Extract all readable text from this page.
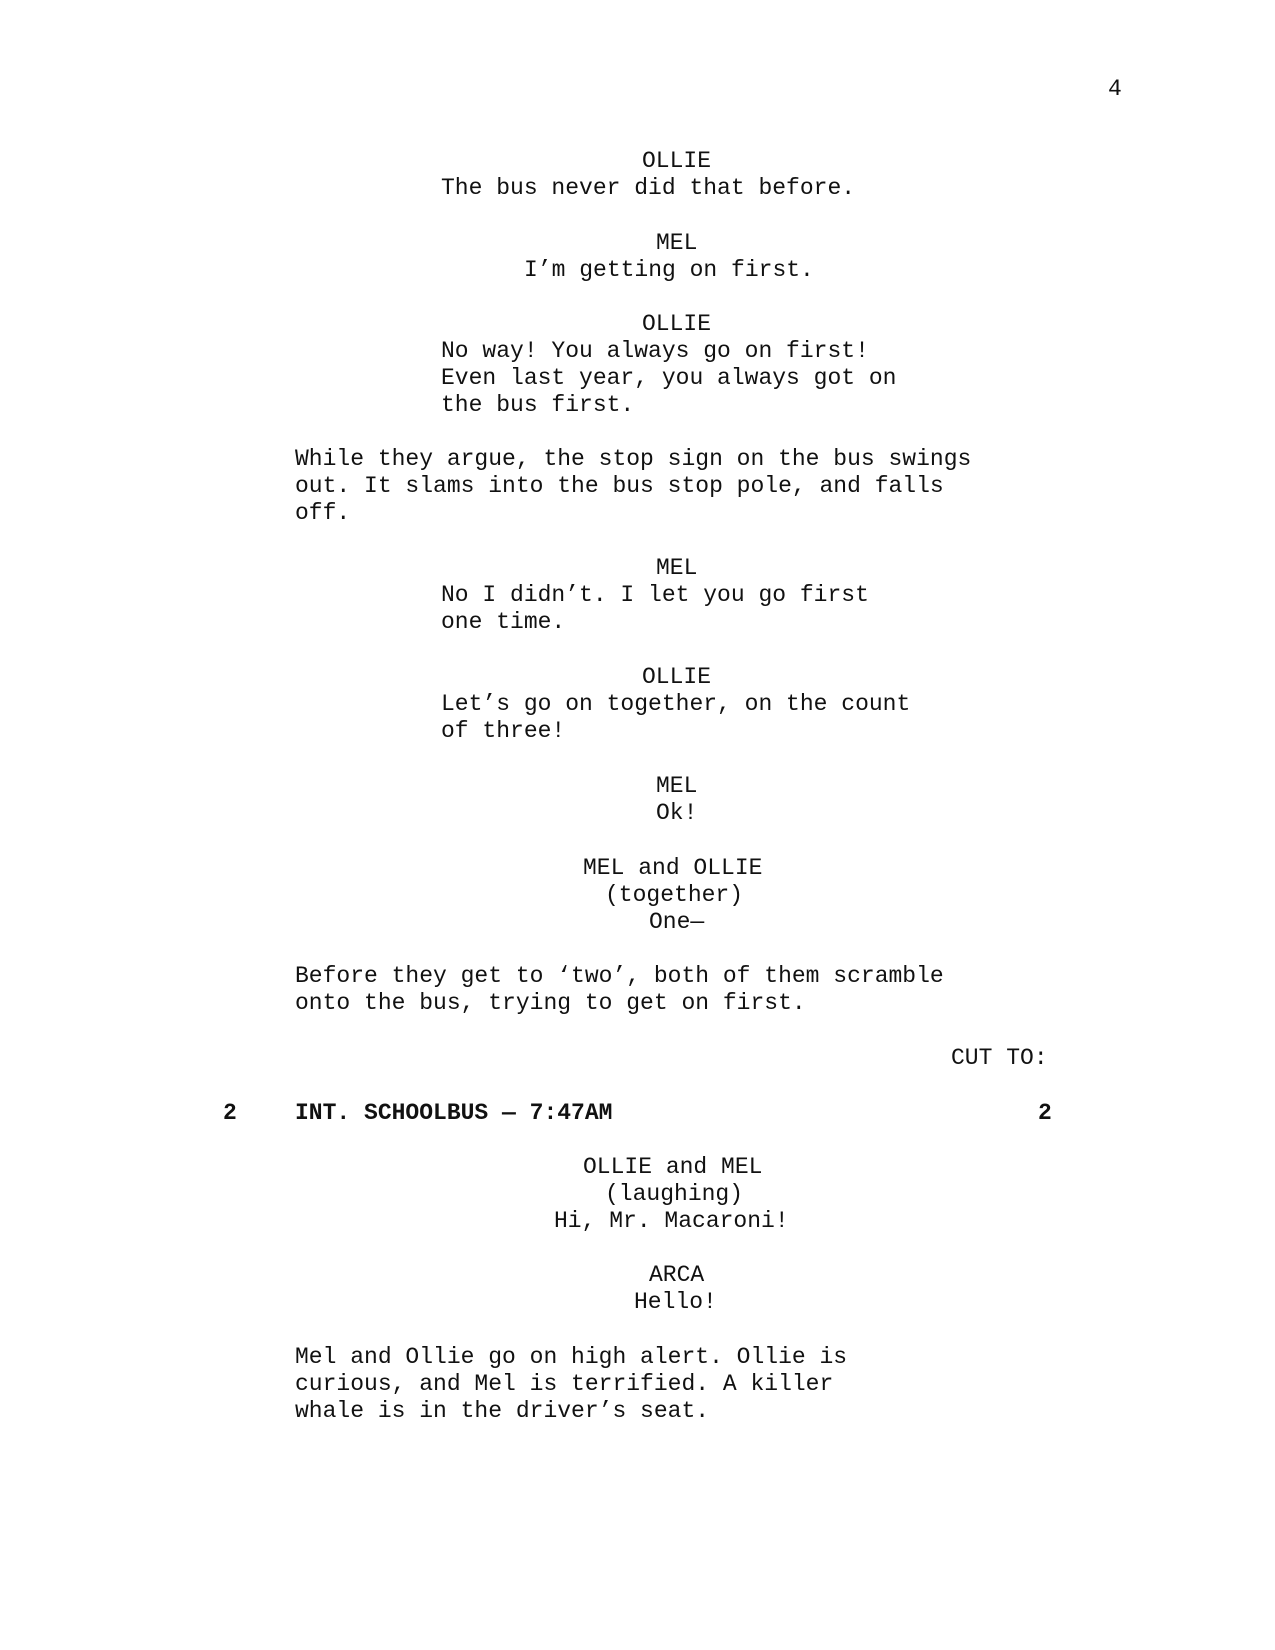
4
OLLIE
The bus never did that before.
MEL
I’m getting on first.
OLLIE
No way! You always go on first!
Even last year, you always got on
the bus first.
While they argue, the stop sign on the bus swings
out. It slams into the bus stop pole, and falls
off.
MEL
No I didn’t. I let you go first
one time.
OLLIE
Let’s go on together, on the count
of three!
MEL
Ok!
MEL and OLLIE
(together)
One—
Before they get to ‘two’, both of them scramble
onto the bus, trying to get on first.
CUT TO:
2	INT. SCHOOLBUS — 7:47AM	2
OLLIE and MEL
(laughing)
Hi, Mr. Macaroni!
ARCA
Hello!
Mel and Ollie go on high alert. Ollie is
curious, and Mel is terrified. A killer
whale is in the driver’s seat.
